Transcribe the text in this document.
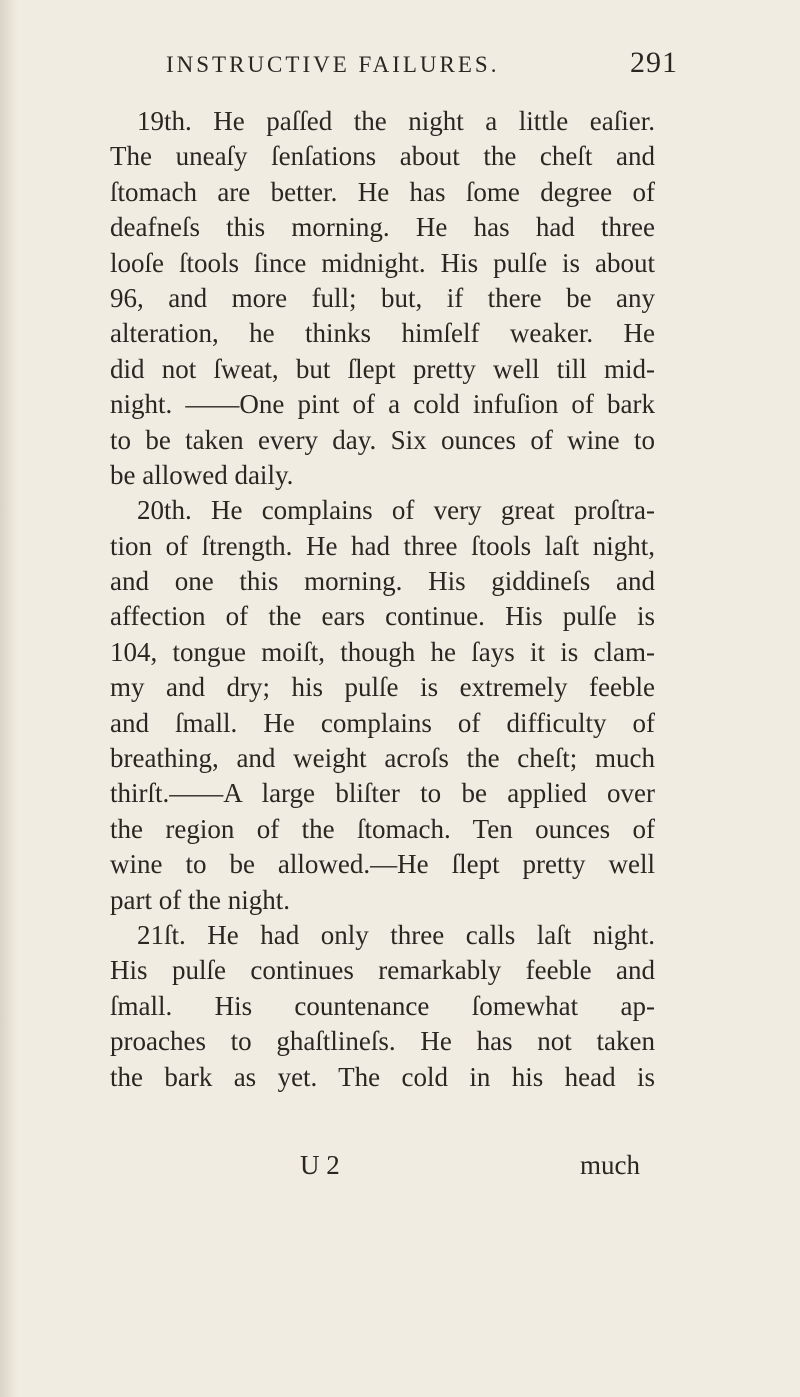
INSTRUCTIVE FAILURES.	291
19th. He paſſed the night a little eaſier.
The uneaſy ſenſations about the cheſt and
ſtomach are better. He has ſome degree of
deafneſs this morning. He has had three
looſe ſtools ſince midnight. His pulſe is about
96, and more full; but, if there be any
alteration, he thinks himſelf weaker. He
did not ſweat, but ſlept pretty well till mid-
night. ——One pint of a cold infuſion of bark
to be taken every day. Six ounces of wine to
be allowed daily.
20th. He complains of very great proſtra-
tion of ſtrength. He had three ſtools laſt night,
and one this morning. His giddineſs and
affection of the ears continue. His pulſe is
104, tongue moiſt, though he ſays it is clam-
my and dry; his pulſe is extremely feeble
and ſmall. He complains of difficulty of
breathing, and weight acroſs the cheſt; much
thirſt.——A large bliſter to be applied over
the region of the ſtomach. Ten ounces of
wine to be allowed.—He ſlept pretty well
part of the night.
21ſt. He had only three calls laſt night.
His pulſe continues remarkably feeble and
ſmall. His countenance ſomewhat ap-
proaches to ghaſtlineſs. He has not taken
the bark as yet. The cold in his head is
U 2	much
